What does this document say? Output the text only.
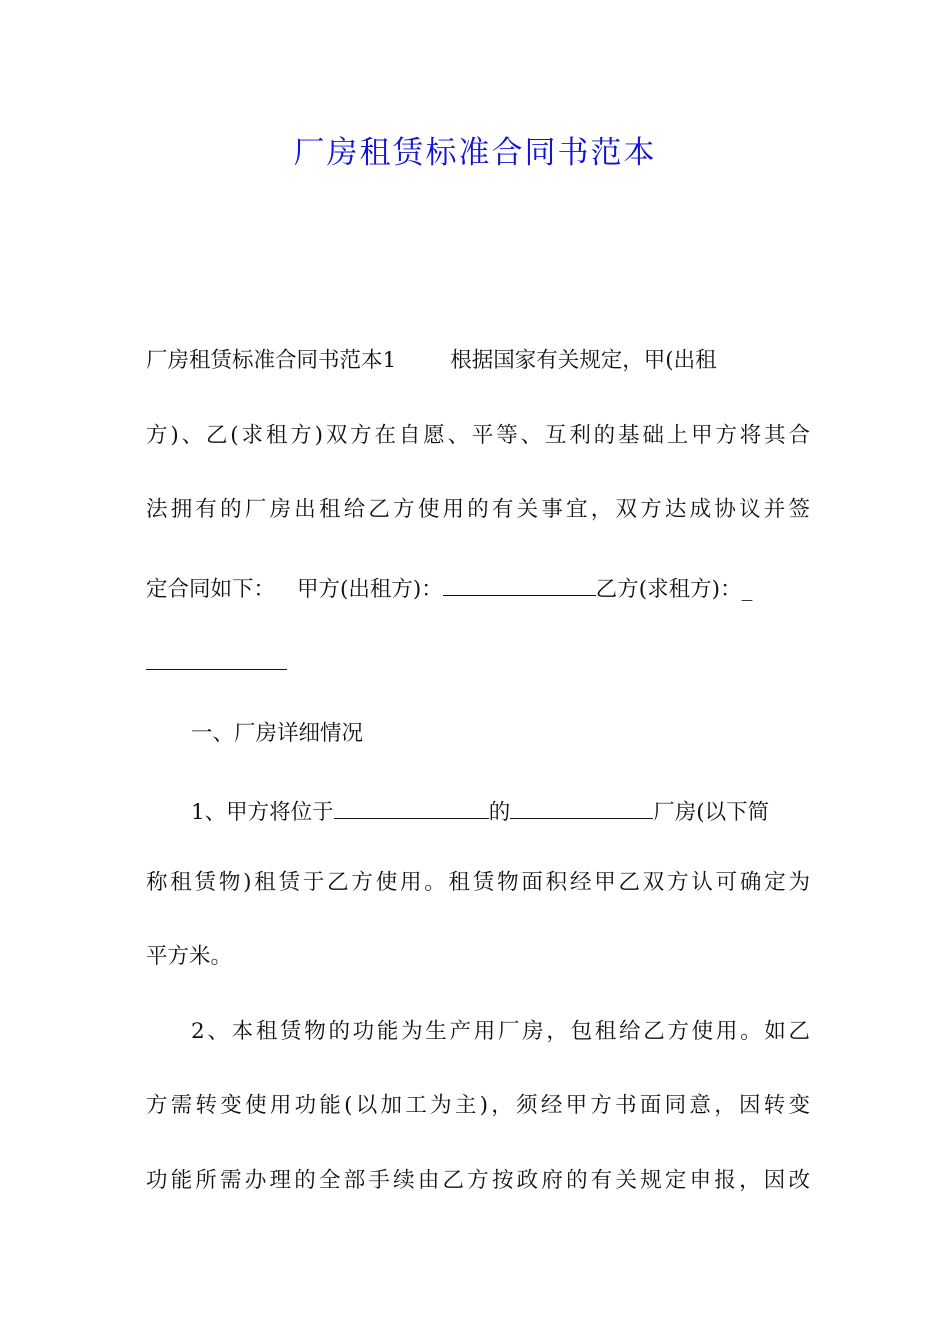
厂房租赁标准合同书范本
厂房租赁标准合同书范本1	根据国家有关规定，甲(出租
方)、乙(求租方)双方在自愿、平等、互利的基础上甲方将其合
法拥有的厂房出租给乙方使用的有关事宜，双方达成协议并签
定合同如下： 甲方(出租方)：	乙方(求租方)：_
一、厂房详细情况
1、甲方将位于	的	厂房(以下简
称租赁物)租赁于乙方使用。租赁物面积经甲乙双方认可确定为
平方米。
2、本租赁物的功能为生产用厂房，包租给乙方使用。如乙
方需转变使用功能(以加工为主)，须经甲方书面同意，因转变
功能所需办理的全部手续由乙方按政府的有关规定申报，因改
